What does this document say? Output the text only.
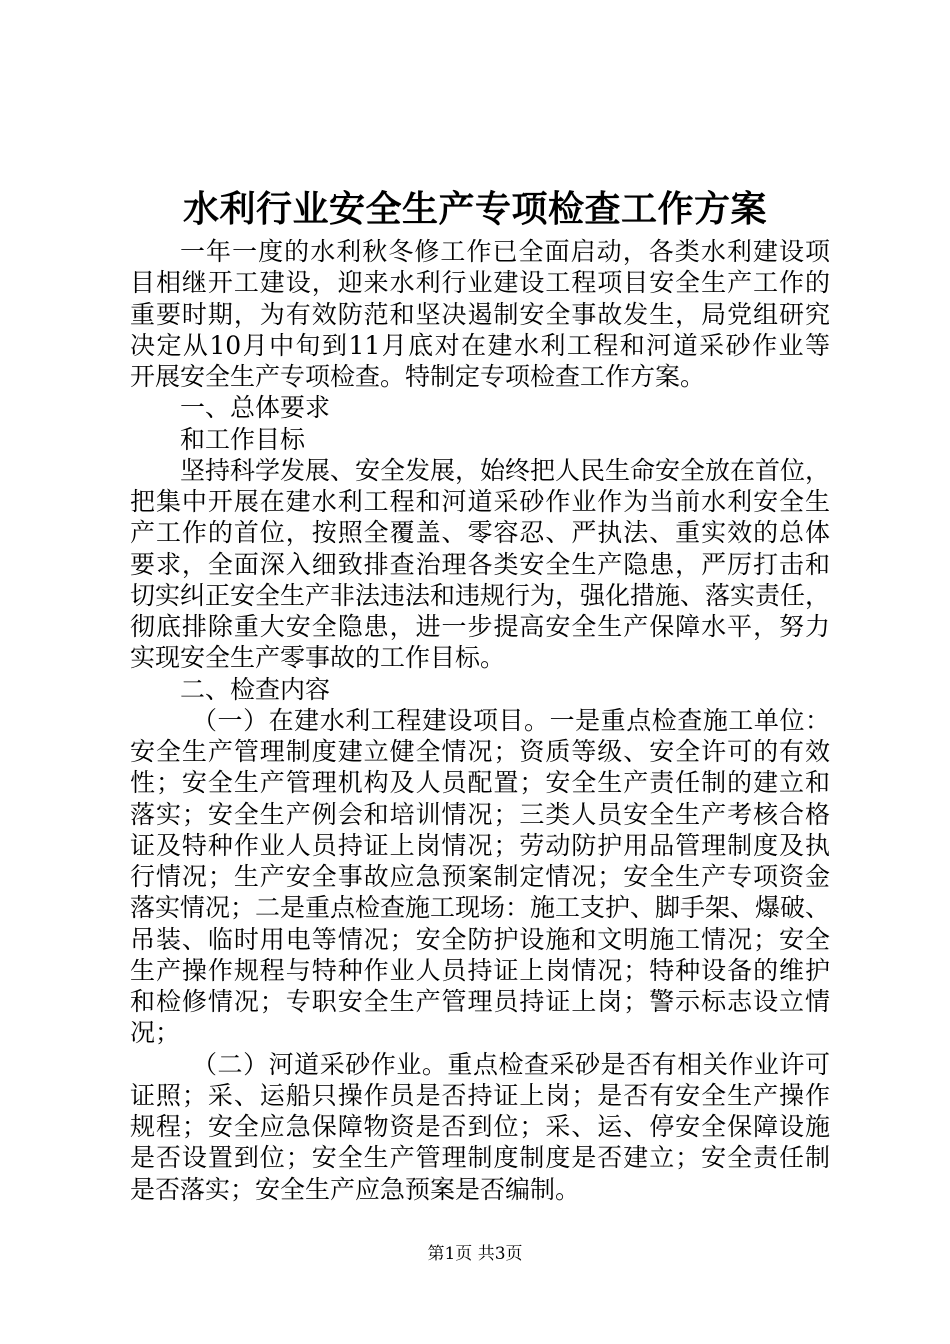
水利行业安全生产专项检查工作方案
一年一度的水利秋冬修工作已全面启动，各类水利建设项
目相继开工建设，迎来水利行业建设工程项目安全生产工作的
重要时期，为有效防范和坚决遏制安全事故发生，局党组研究
决定从10月中旬到11月底对在建水利工程和河道采砂作业等
开展安全生产专项检查。特制定专项检查工作方案。
一、总体要求
和工作目标
坚持科学发展、安全发展，始终把人民生命安全放在首位，
把集中开展在建水利工程和河道采砂作业作为当前水利安全生
产工作的首位，按照全覆盖、零容忍、严执法、重实效的总体
要求，全面深入细致排查治理各类安全生产隐患，严厉打击和
切实纠正安全生产非法违法和违规行为，强化措施、落实责任，
彻底排除重大安全隐患，进一步提高安全生产保障水平，努力
实现安全生产零事故的工作目标。
二、检查内容
（一）在建水利工程建设项目。一是重点检查施工单位：
安全生产管理制度建立健全情况；资质等级、安全许可的有效
性；安全生产管理机构及人员配置；安全生产责任制的建立和
落实；安全生产例会和培训情况；三类人员安全生产考核合格
证及特种作业人员持证上岗情况；劳动防护用品管理制度及执
行情况；生产安全事故应急预案制定情况；安全生产专项资金
落实情况；二是重点检查施工现场：施工支护、脚手架、爆破、
吊装、临时用电等情况；安全防护设施和文明施工情况；安全
生产操作规程与特种作业人员持证上岗情况；特种设备的维护
和检修情况；专职安全生产管理员持证上岗；警示标志设立情
况；
（二）河道采砂作业。重点检查采砂是否有相关作业许可
证照；采、运船只操作员是否持证上岗；是否有安全生产操作
规程；安全应急保障物资是否到位；采、运、停安全保障设施
是否设置到位；安全生产管理制度制度是否建立；安全责任制
是否落实；安全生产应急预案是否编制。
第1页 共3页
